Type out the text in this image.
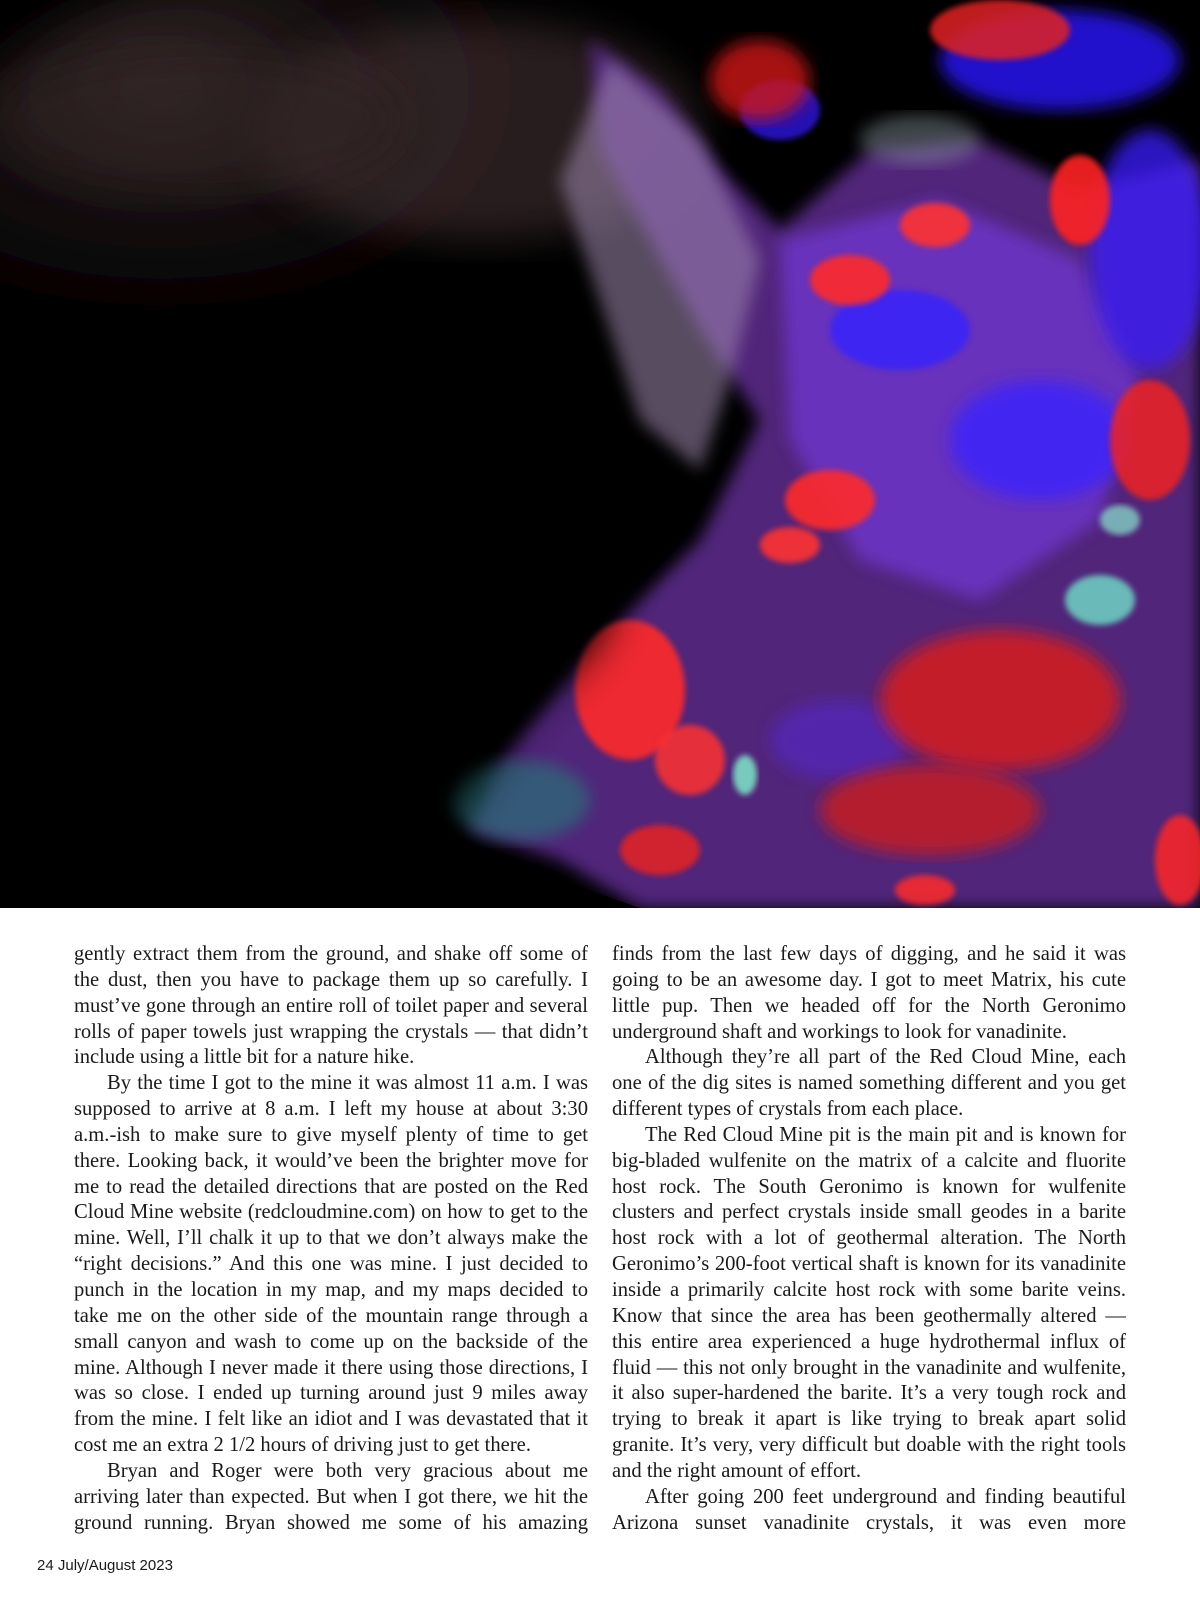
gently extract them from the ground, and shake off some of the dust, then you have to package them up so carefully. I must’ve gone through an entire roll of toilet paper and several rolls of paper towels just wrapping the crystals — that didn’t include using a little bit for a nature hike.

By the time I got to the mine it was almost 11 a.m. I was supposed to arrive at 8 a.m. I left my house at about 3:30 a.m.-ish to make sure to give myself plenty of time to get there. Looking back, it would’ve been the brighter move for me to read the detailed directions that are posted on the Red Cloud Mine website (redcloudmine.com) on how to get to the mine. Well, I’ll chalk it up to that we don’t always make the “right decisions.” And this one was mine. I just decided to punch in the location in my map, and my maps decided to take me on the other side of the mountain range through a small canyon and wash to come up on the backside of the mine. Although I never made it there using those directions, I was so close. I ended up turning around just 9 miles away from the mine. I felt like an idiot and I was devastated that it cost me an extra 2 1/2 hours of driving just to get there.

Bryan and Roger were both very gracious about me arriving later than expected. But when I got there, we hit the ground running. Bryan showed me some of his amazing

finds from the last few days of digging, and he said it was going to be an awesome day. I got to meet Matrix, his cute little pup. Then we headed off for the North Geronimo underground shaft and workings to look for vanadinite.

Although they’re all part of the Red Cloud Mine, each one of the dig sites is named something different and you get different types of crystals from each place.

The Red Cloud Mine pit is the main pit and is known for big-bladed wulfenite on the matrix of a calcite and fluorite host rock. The South Geronimo is known for wulfenite clusters and perfect crystals inside small geodes in a barite host rock with a lot of geothermal alteration. The North Geronimo’s 200-foot vertical shaft is known for its vanadinite inside a primarily calcite host rock with some barite veins. Know that since the area has been geothermally altered — this entire area experienced a huge hydrothermal influx of fluid — this not only brought in the vanadinite and wulfenite, it also super-hardened the barite. It’s a very tough rock and trying to break it apart is like trying to break apart solid granite. It’s very, very difficult but doable with the right tools and the right amount of effort.

After going 200 feet underground and finding beautiful Arizona sunset vanadinite crystals, it was even more

24 July/August 2023
